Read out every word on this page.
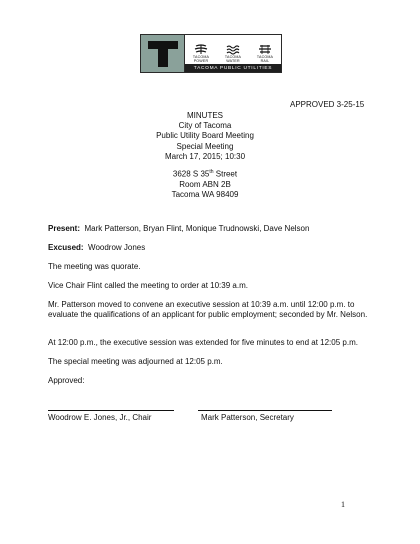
TACOMA
POWER
TACOMA
WATER
TACOMA
RAIL
TACOMA PUBLIC UTILITIES
APPROVED 3-25-15
MINUTES
City of Tacoma
Public Utility Board Meeting
Special Meeting
March 17, 2015; 10:30
3628 S 35th Street
Room ABN 2B
Tacoma WA 98409
Present: Mark Patterson, Bryan Flint, Monique Trudnowski, Dave Nelson
Excused: Woodrow Jones
The meeting was quorate.
Vice Chair Flint called the meeting to order at 10:39 a.m.
Mr. Patterson moved to convene an executive session at 10:39 a.m. until 12:00 p.m. to evaluate the qualifications of an applicant for public employment; seconded by Mr. Nelson.
At 12:00 p.m., the executive session was extended for five minutes to end at 12:05 p.m.
The special meeting was adjourned at 12:05 p.m.
Approved:
Woodrow E. Jones, Jr., Chair	Mark Patterson, Secretary
1
